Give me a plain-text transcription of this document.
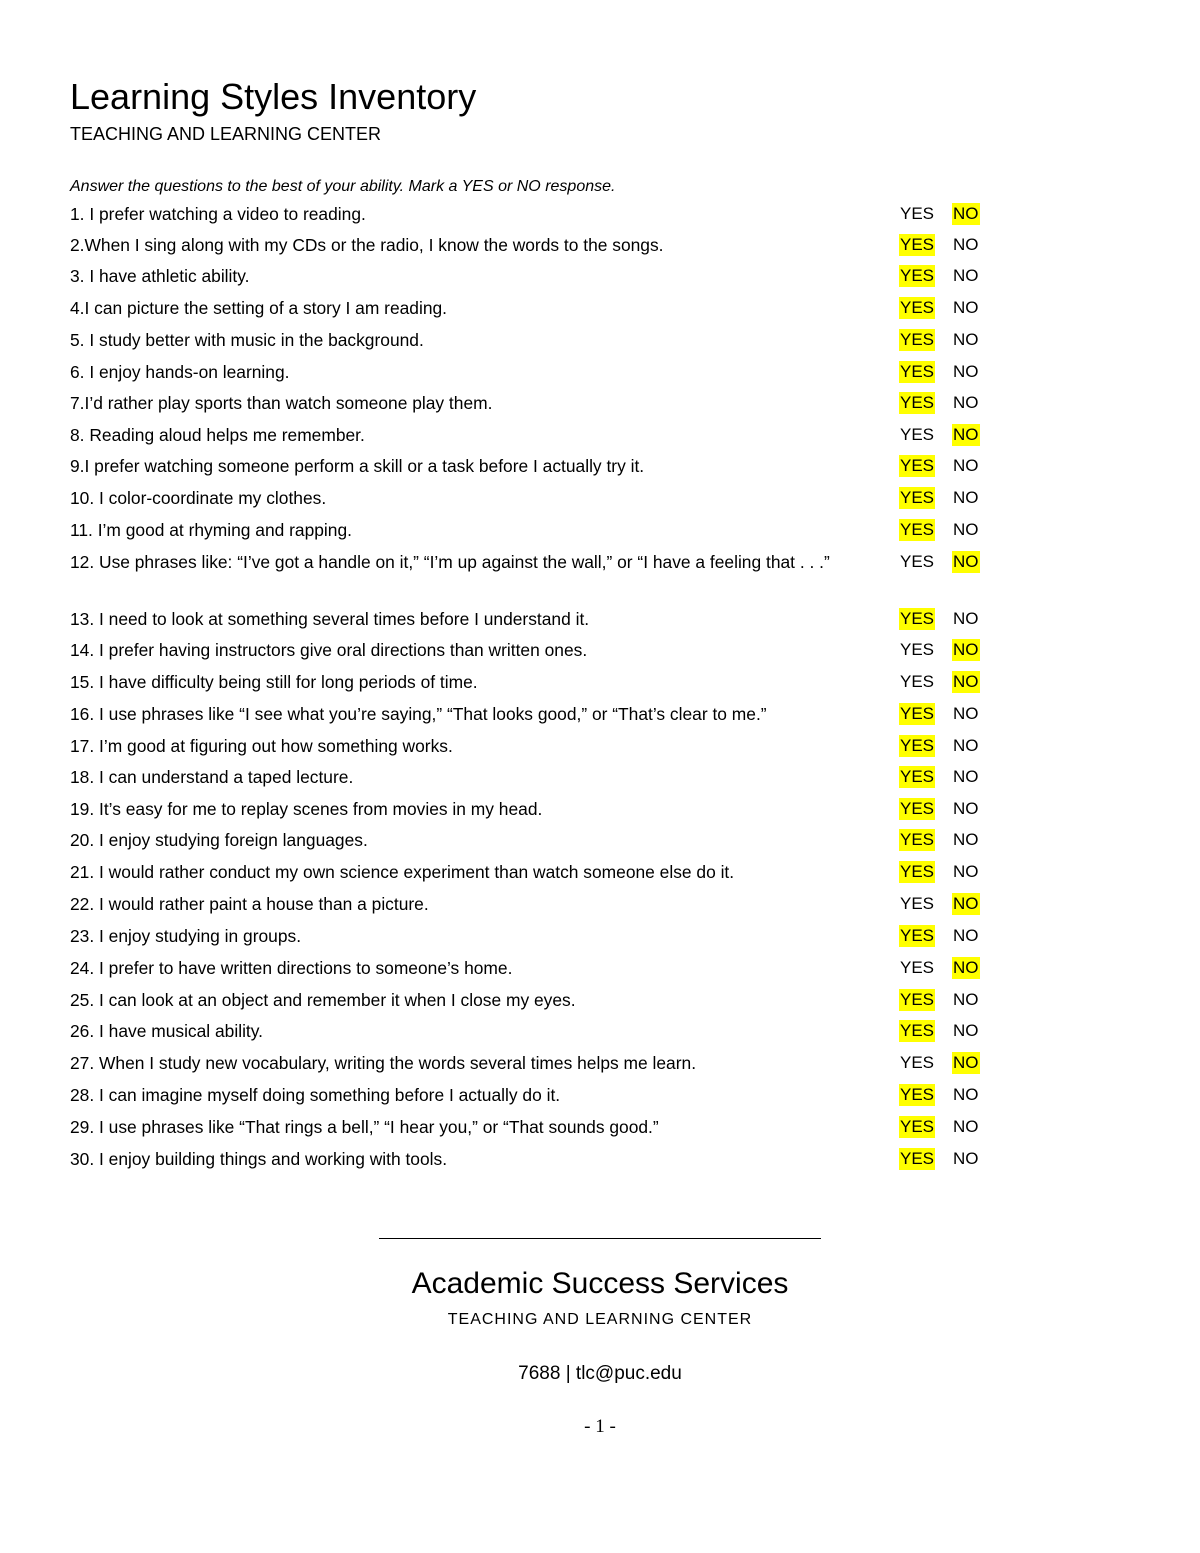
Learning Styles Inventory
TEACHING AND LEARNING CENTER
Answer the questions to the best of your ability. Mark a YES or NO response.
1. I prefer watching a video to reading.	YES NO
2.When I sing along with my CDs or the radio, I know the words to the songs.	YES NO
3. I have athletic ability.	YES NO
4.I can picture the setting of a story I am reading.	YES NO
5. I study better with music in the background.	YES NO
6. I enjoy hands-on learning.	YES NO
7.I’d rather play sports than watch someone play them.	YES NO
8. Reading aloud helps me remember.	YES NO
9.I prefer watching someone perform a skill or a task before I actually try it.	YES NO
10. I color-coordinate my clothes.	YES NO
11. I’m good at rhyming and rapping.	YES NO
12. Use phrases like: “I’ve got a handle on it,” “I’m up against the wall,” or “I have a feeling that . . .”	YES NO
13. I need to look at something several times before I understand it.	YES NO
14. I prefer having instructors give oral directions than written ones.	YES NO
15. I have difficulty being still for long periods of time.	YES NO
16. I use phrases like “I see what you’re saying,” “That looks good,” or “That’s clear to me.”	YES NO
17. I’m good at figuring out how something works.	YES NO
18. I can understand a taped lecture.	YES NO
19. It’s easy for me to replay scenes from movies in my head.	YES NO
20. I enjoy studying foreign languages.	YES NO
21. I would rather conduct my own science experiment than watch someone else do it.	YES NO
22. I would rather paint a house than a picture.	YES NO
23. I enjoy studying in groups.	YES NO
24. I prefer to have written directions to someone’s home.	YES NO
25. I can look at an object and remember it when I close my eyes.	YES NO
26. I have musical ability.	YES NO
27. When I study new vocabulary, writing the words several times helps me learn.	YES NO
28. I can imagine myself doing something before I actually do it.	YES NO
29. I use phrases like “That rings a bell,” “I hear you,” or “That sounds good.”	YES NO
30. I enjoy building things and working with tools.	YES NO
Academic Success Services
TEACHING AND LEARNING CENTER
7688 | tlc@puc.edu
- 1 -
